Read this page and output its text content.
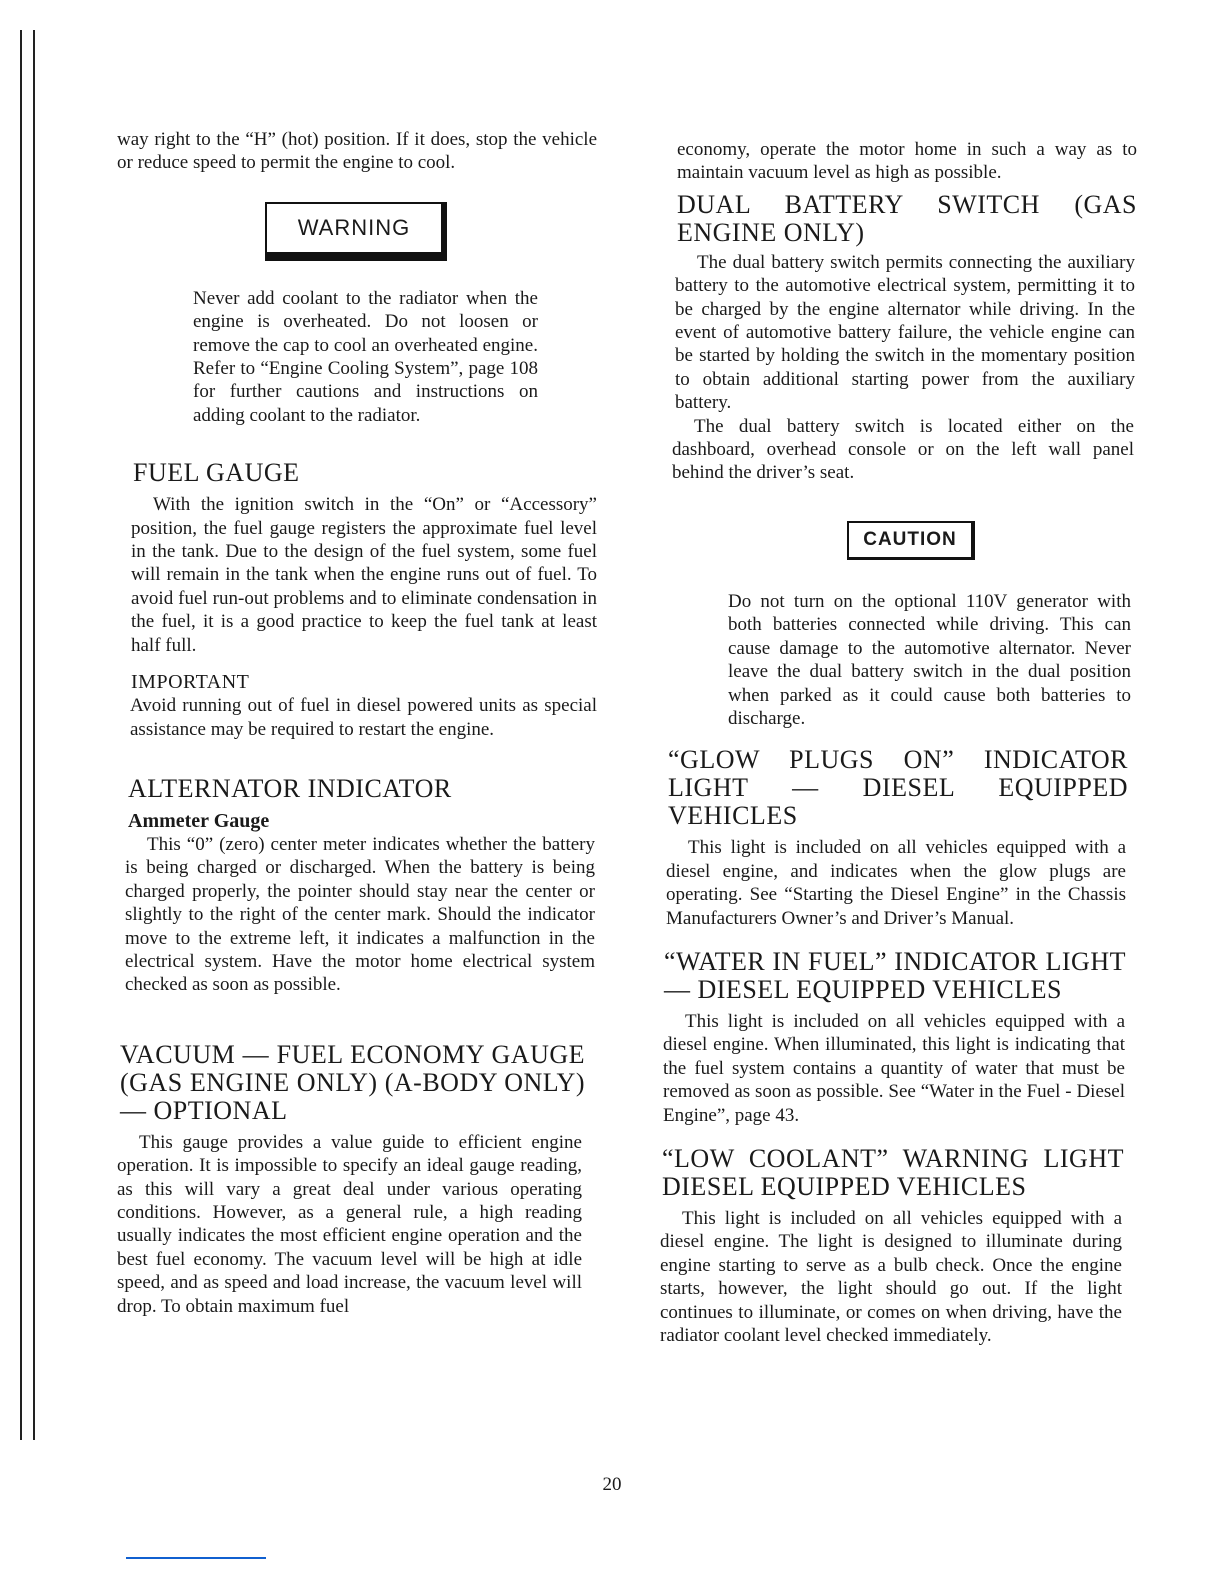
way right to the “H” (hot) position. If it does, stop the vehicle or reduce speed to permit the engine to cool.

WARNING

Never add coolant to the radiator when the engine is overheated. Do not loosen or remove the cap to cool an overheated engine. Refer to “Engine Cooling System”, page 108 for further cautions and instructions on adding coolant to the radiator.

FUEL GAUGE

With the ignition switch in the “On” or “Accessory” position, the fuel gauge registers the approximate fuel level in the tank. Due to the design of the fuel system, some fuel will remain in the tank when the engine runs out of fuel. To avoid fuel run-out problems and to eliminate condensation in the fuel, it is a good practice to keep the fuel tank at least half full.

IMPORTANT

Avoid running out of fuel in diesel powered units as special assistance may be required to restart the engine.

ALTERNATOR INDICATOR
Ammeter Gauge

This “0” (zero) center meter indicates whether the battery is being charged or discharged. When the battery is being charged properly, the pointer should stay near the center or slightly to the right of the center mark. Should the indicator move to the extreme left, it indicates a malfunction in the electrical system. Have the motor home electrical system checked as soon as possible.

VACUUM — FUEL ECONOMY GAUGE (GAS ENGINE ONLY) (A-BODY ONLY) — OPTIONAL

This gauge provides a value guide to efficient engine operation. It is impossible to specify an ideal gauge reading, as this will vary a great deal under various operating conditions. However, as a general rule, a high reading usually indicates the most efficient engine operation and the best fuel economy. The vacuum level will be high at idle speed, and as speed and load increase, the vacuum level will drop. To obtain maximum fuel

economy, operate the motor home in such a way as to maintain vacuum level as high as possible.

DUAL BATTERY SWITCH (GAS ENGINE ONLY)

The dual battery switch permits connecting the auxiliary battery to the automotive electrical system, permitting it to be charged by the engine alternator while driving. In the event of automotive battery failure, the vehicle engine can be started by holding the switch in the momentary position to obtain additional starting power from the auxiliary battery.

The dual battery switch is located either on the dashboard, overhead console or on the left wall panel behind the driver’s seat.

CAUTION

Do not turn on the optional 110V generator with both batteries connected while driving. This can cause damage to the automotive alternator. Never leave the dual battery switch in the dual position when parked as it could cause both batteries to discharge.

“GLOW PLUGS ON” INDICATOR LIGHT — DIESEL EQUIPPED VEHICLES

This light is included on all vehicles equipped with a diesel engine, and indicates when the glow plugs are operating. See “Starting the Diesel Engine” in the Chassis Manufacturers Owner’s and Driver’s Manual.

“WATER IN FUEL” INDICATOR LIGHT — DIESEL EQUIPPED VEHICLES

This light is included on all vehicles equipped with a diesel engine. When illuminated, this light is indicating that the fuel system contains a quantity of water that must be removed as soon as possible. See “Water in the Fuel - Diesel Engine”, page 43.

“LOW COOLANT” WARNING LIGHT DIESEL EQUIPPED VEHICLES

This light is included on all vehicles equipped with a diesel engine. The light is designed to illuminate during engine starting to serve as a bulb check. Once the engine starts, however, the light should go out. If the light continues to illuminate, or comes on when driving, have the radiator coolant level checked immediately.

20
